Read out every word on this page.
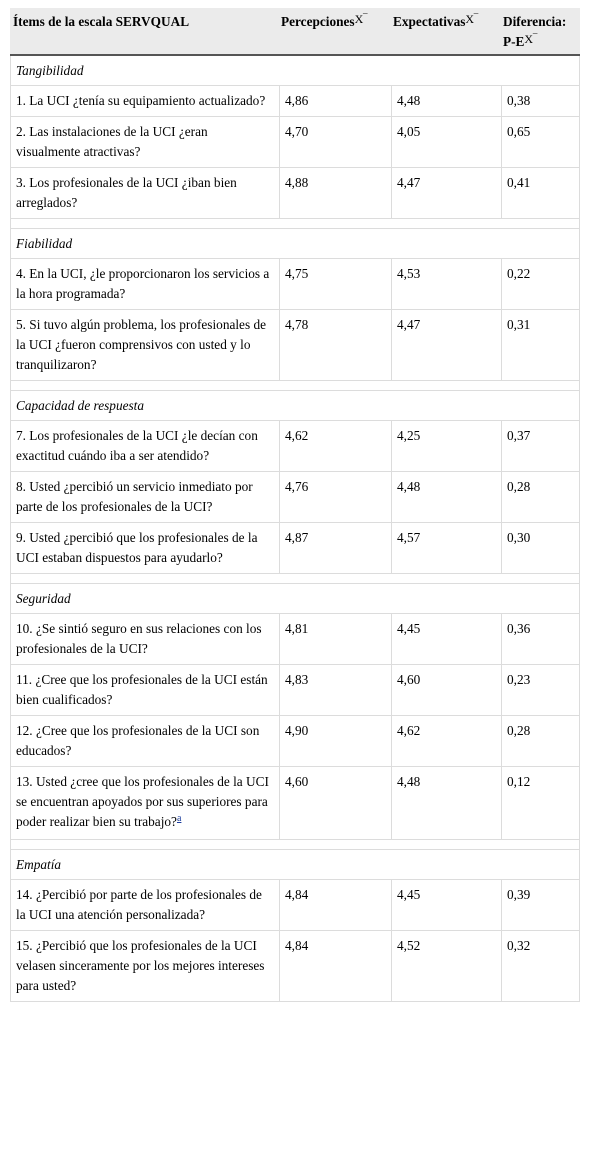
Ítems de la escala SERVQUAL	PercepcionesX‾	ExpectativasX‾	Diferencia:
P-EX‾
Tangibilidad			
1. La UCI ¿tenía su equipamiento actualizado?	4,86	4,48	0,38
2. Las instalaciones de la UCI ¿eran visualmente atractivas?	4,70	4,05	0,65
3. Los profesionales de la UCI ¿iban bien arreglados?	4,88	4,47	0,41

Fiabilidad			
4. En la UCI, ¿le proporcionaron los servicios a la hora programada?	4,75	4,53	0,22
5. Si tuvo algún problema, los profesionales de la UCI ¿fueron comprensivos con usted y lo tranquilizaron?	4,78	4,47	0,31

Capacidad de respuesta			
7. Los profesionales de la UCI ¿le decían con exactitud cuándo iba a ser atendido?	4,62	4,25	0,37
8. Usted ¿percibió un servicio inmediato por parte de los profesionales de la UCI?	4,76	4,48	0,28
9. Usted ¿percibió que los profesionales de la UCI estaban dispuestos para ayudarlo?	4,87	4,57	0,30

Seguridad			
10. ¿Se sintió seguro en sus relaciones con los profesionales de la UCI?	4,81	4,45	0,36
11. ¿Cree que los profesionales de la UCI están bien cualificados?	4,83	4,60	0,23
12. ¿Cree que los profesionales de la UCI son educados?	4,90	4,62	0,28
13. Usted ¿cree que los profesionales de la UCI se encuentran apoyados por sus superiores para poder realizar bien su trabajo?$^a$	4,60	4,48	0,12

Empatía			
14. ¿Percibió por parte de los profesionales de la UCI una atención personalizada?	4,84	4,45	0,39
15. ¿Percibió que los profesionales de la UCI velasen sinceramente por los mejores intereses para usted?	4,84	4,52	0,32
